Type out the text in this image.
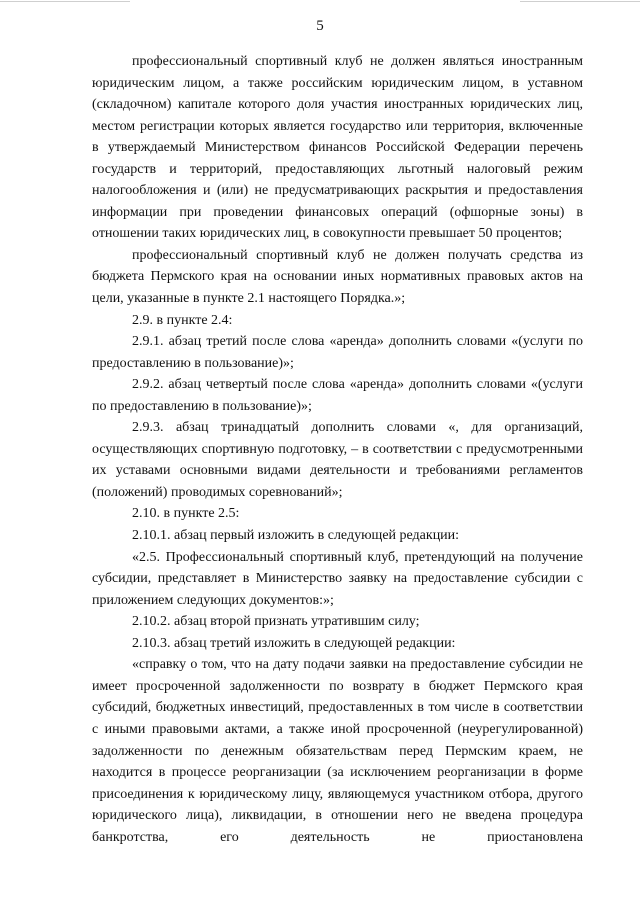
5

профессиональный спортивный клуб не должен являться иностранным юридическим лицом, а также российским юридическим лицом, в уставном (складочном) капитале которого доля участия иностранных юридических лиц, местом регистрации которых является государство или территория, включенные в утверждаемый Министерством финансов Российской Федерации перечень государств и территорий, предоставляющих льготный налоговый режим налогообложения и (или) не предусматривающих раскрытия и предоставления информации при проведении финансовых операций (офшорные зоны) в отношении таких юридических лиц, в совокупности превышает 50 процентов;

профессиональный спортивный клуб не должен получать средства из бюджета Пермского края на основании иных нормативных правовых актов на цели, указанные в пункте 2.1 настоящего Порядка.»;

2.9. в пункте 2.4:

2.9.1. абзац третий после слова «аренда» дополнить словами «(услуги по предоставлению в пользование)»;

2.9.2. абзац четвертый после слова «аренда» дополнить словами «(услуги по предоставлению в пользование)»;

2.9.3. абзац тринадцатый дополнить словами «, для организаций, осуществляющих спортивную подготовку, – в соответствии с предусмотренными их уставами основными видами деятельности и требованиями регламентов (положений) проводимых соревнований»;

2.10. в пункте 2.5:

2.10.1. абзац первый изложить в следующей редакции:

«2.5. Профессиональный спортивный клуб, претендующий на получение субсидии, представляет в Министерство заявку на предоставление субсидии с приложением следующих документов:»;

2.10.2. абзац второй признать утратившим силу;

2.10.3. абзац третий изложить в следующей редакции:

«справку о том, что на дату подачи заявки на предоставление субсидии не имеет просроченной задолженности по возврату в бюджет Пермского края субсидий, бюджетных инвестиций, предоставленных в том числе в соответствии с иными правовыми актами, а также иной просроченной (неурегулированной) задолженности по денежным обязательствам перед Пермским краем, не находится в процессе реорганизации (за исключением реорганизации в форме присоединения к юридическому лицу, являющемуся участником отбора, другого юридического лица), ликвидации, в отношении него не введена процедура банкротства, его деятельность не приостановлена
